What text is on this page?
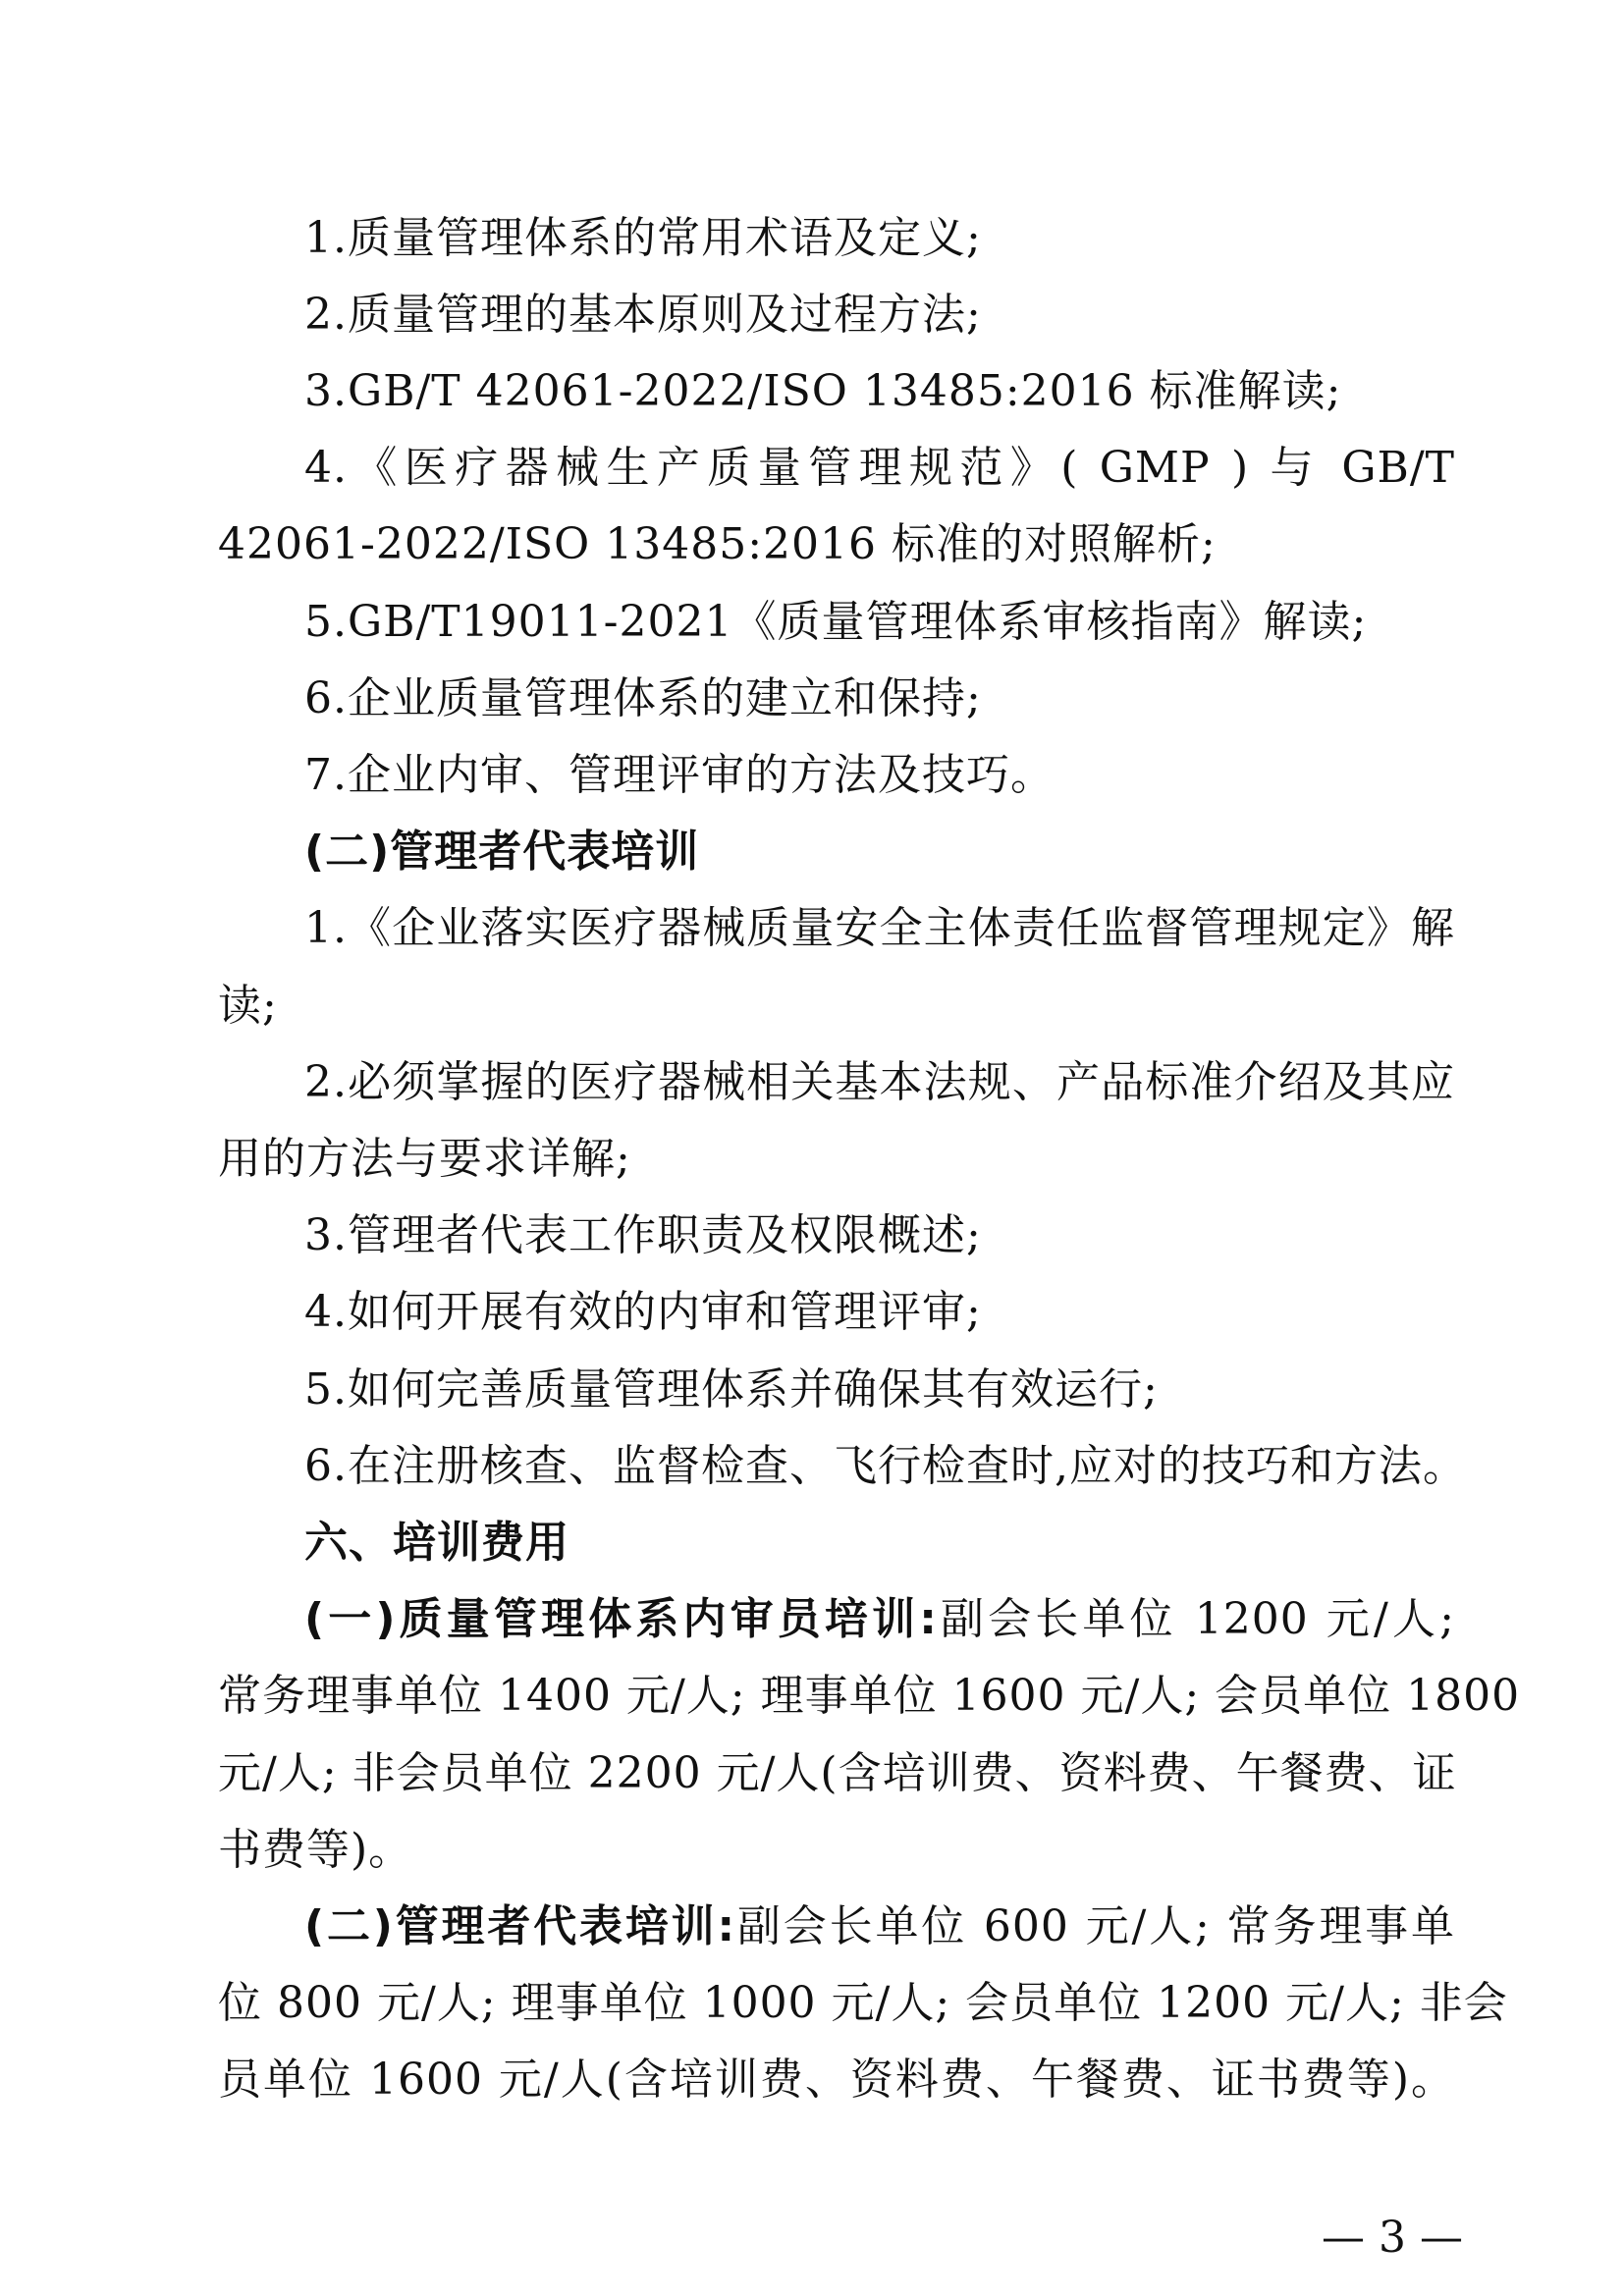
1.质量管理体系的常用术语及定义;
2.质量管理的基本原则及过程方法;
3.GB/T 42061-2022/ISO 13485:2016 标准解读;
4.《医疗器械生产质量管理规范》( GMP ) 与 GB/T
42061-2022/ISO 13485:2016 标准的对照解析;
5.GB/T19011-2021《质量管理体系审核指南》解读;
6.企业质量管理体系的建立和保持;
7.企业内审、管理评审的方法及技巧。
(二)管理者代表培训
1.《企业落实医疗器械质量安全主体责任监督管理规定》解
读;
2.必须掌握的医疗器械相关基本法规、产品标准介绍及其应
用的方法与要求详解;
3.管理者代表工作职责及权限概述;
4.如何开展有效的内审和管理评审;
5.如何完善质量管理体系并确保其有效运行;
6.在注册核查、监督检查、飞行检查时,应对的技巧和方法。
六、培训费用
(一)质量管理体系内审员培训:副会长单位 1200 元/人;
常务理事单位 1400 元/人; 理事单位 1600 元/人; 会员单位 1800
元/人; 非会员单位 2200 元/人(含培训费、资料费、午餐费、证
书费等)。
(二)管理者代表培训:副会长单位 600 元/人; 常务理事单
位 800 元/人; 理事单位 1000 元/人; 会员单位 1200 元/人; 非会
员单位 1600 元/人(含培训费、资料费、午餐费、证书费等)。
— 3 —
